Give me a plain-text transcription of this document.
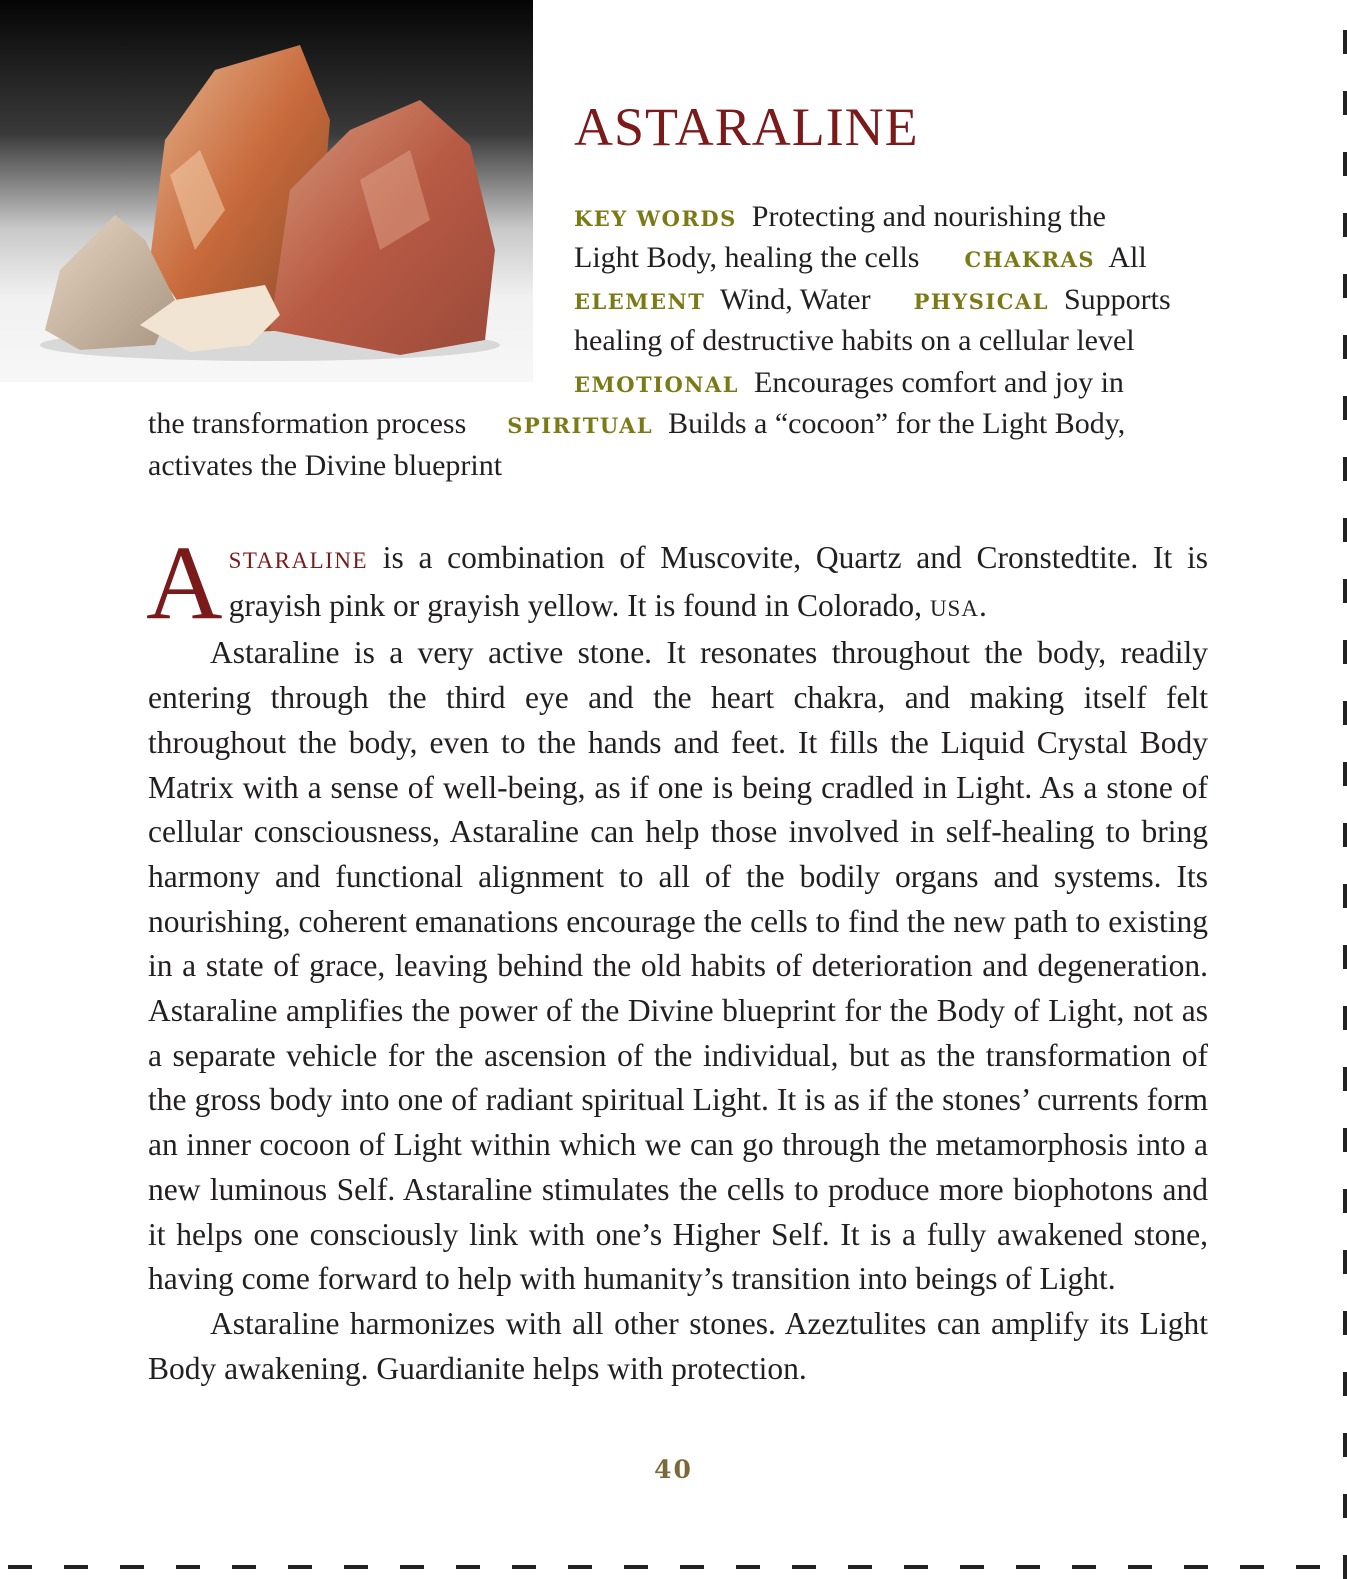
ASTARALINE
KEY WORDS Protecting and nourishing the
Light Body, healing the cells CHAKRAS All
ELEMENT Wind, Water PHYSICAL Supports
healing of destructive habits on a cellular level
EMOTIONAL Encourages comfort and joy in
the transformation process SPIRITUAL Builds a “cocoon” for the Light Body,
activates the Divine blueprint

ASTARALINE is a combination of Muscovite, Quartz and Cronstedtite. It is grayish pink or grayish yellow. It is found in Colorado, USA.

Astaraline is a very active stone. It resonates throughout the body, readily entering through the third eye and the heart chakra, and making itself felt throughout the body, even to the hands and feet. It fills the Liquid Crystal Body Matrix with a sense of well-being, as if one is being cradled in Light. As a stone of cellular consciousness, Astaraline can help those involved in self-healing to bring harmony and functional alignment to all of the bodily organs and systems. Its nourishing, coherent emanations encourage the cells to find the new path to existing in a state of grace, leaving behind the old habits of deterioration and degeneration. Astaraline amplifies the power of the Divine blueprint for the Body of Light, not as a separate vehicle for the ascension of the individual, but as the transformation of the gross body into one of radiant spiritual Light. It is as if the stones’ currents form an inner cocoon of Light within which we can go through the metamorphosis into a new luminous Self. Astaraline stimulates the cells to produce more biophotons and it helps one consciously link with one’s Higher Self. It is a fully awakened stone, having come forward to help with humanity’s transition into beings of Light.

Astaraline harmonizes with all other stones. Azeztulites can amplify its Light Body awakening. Guardianite helps with protection.

40
